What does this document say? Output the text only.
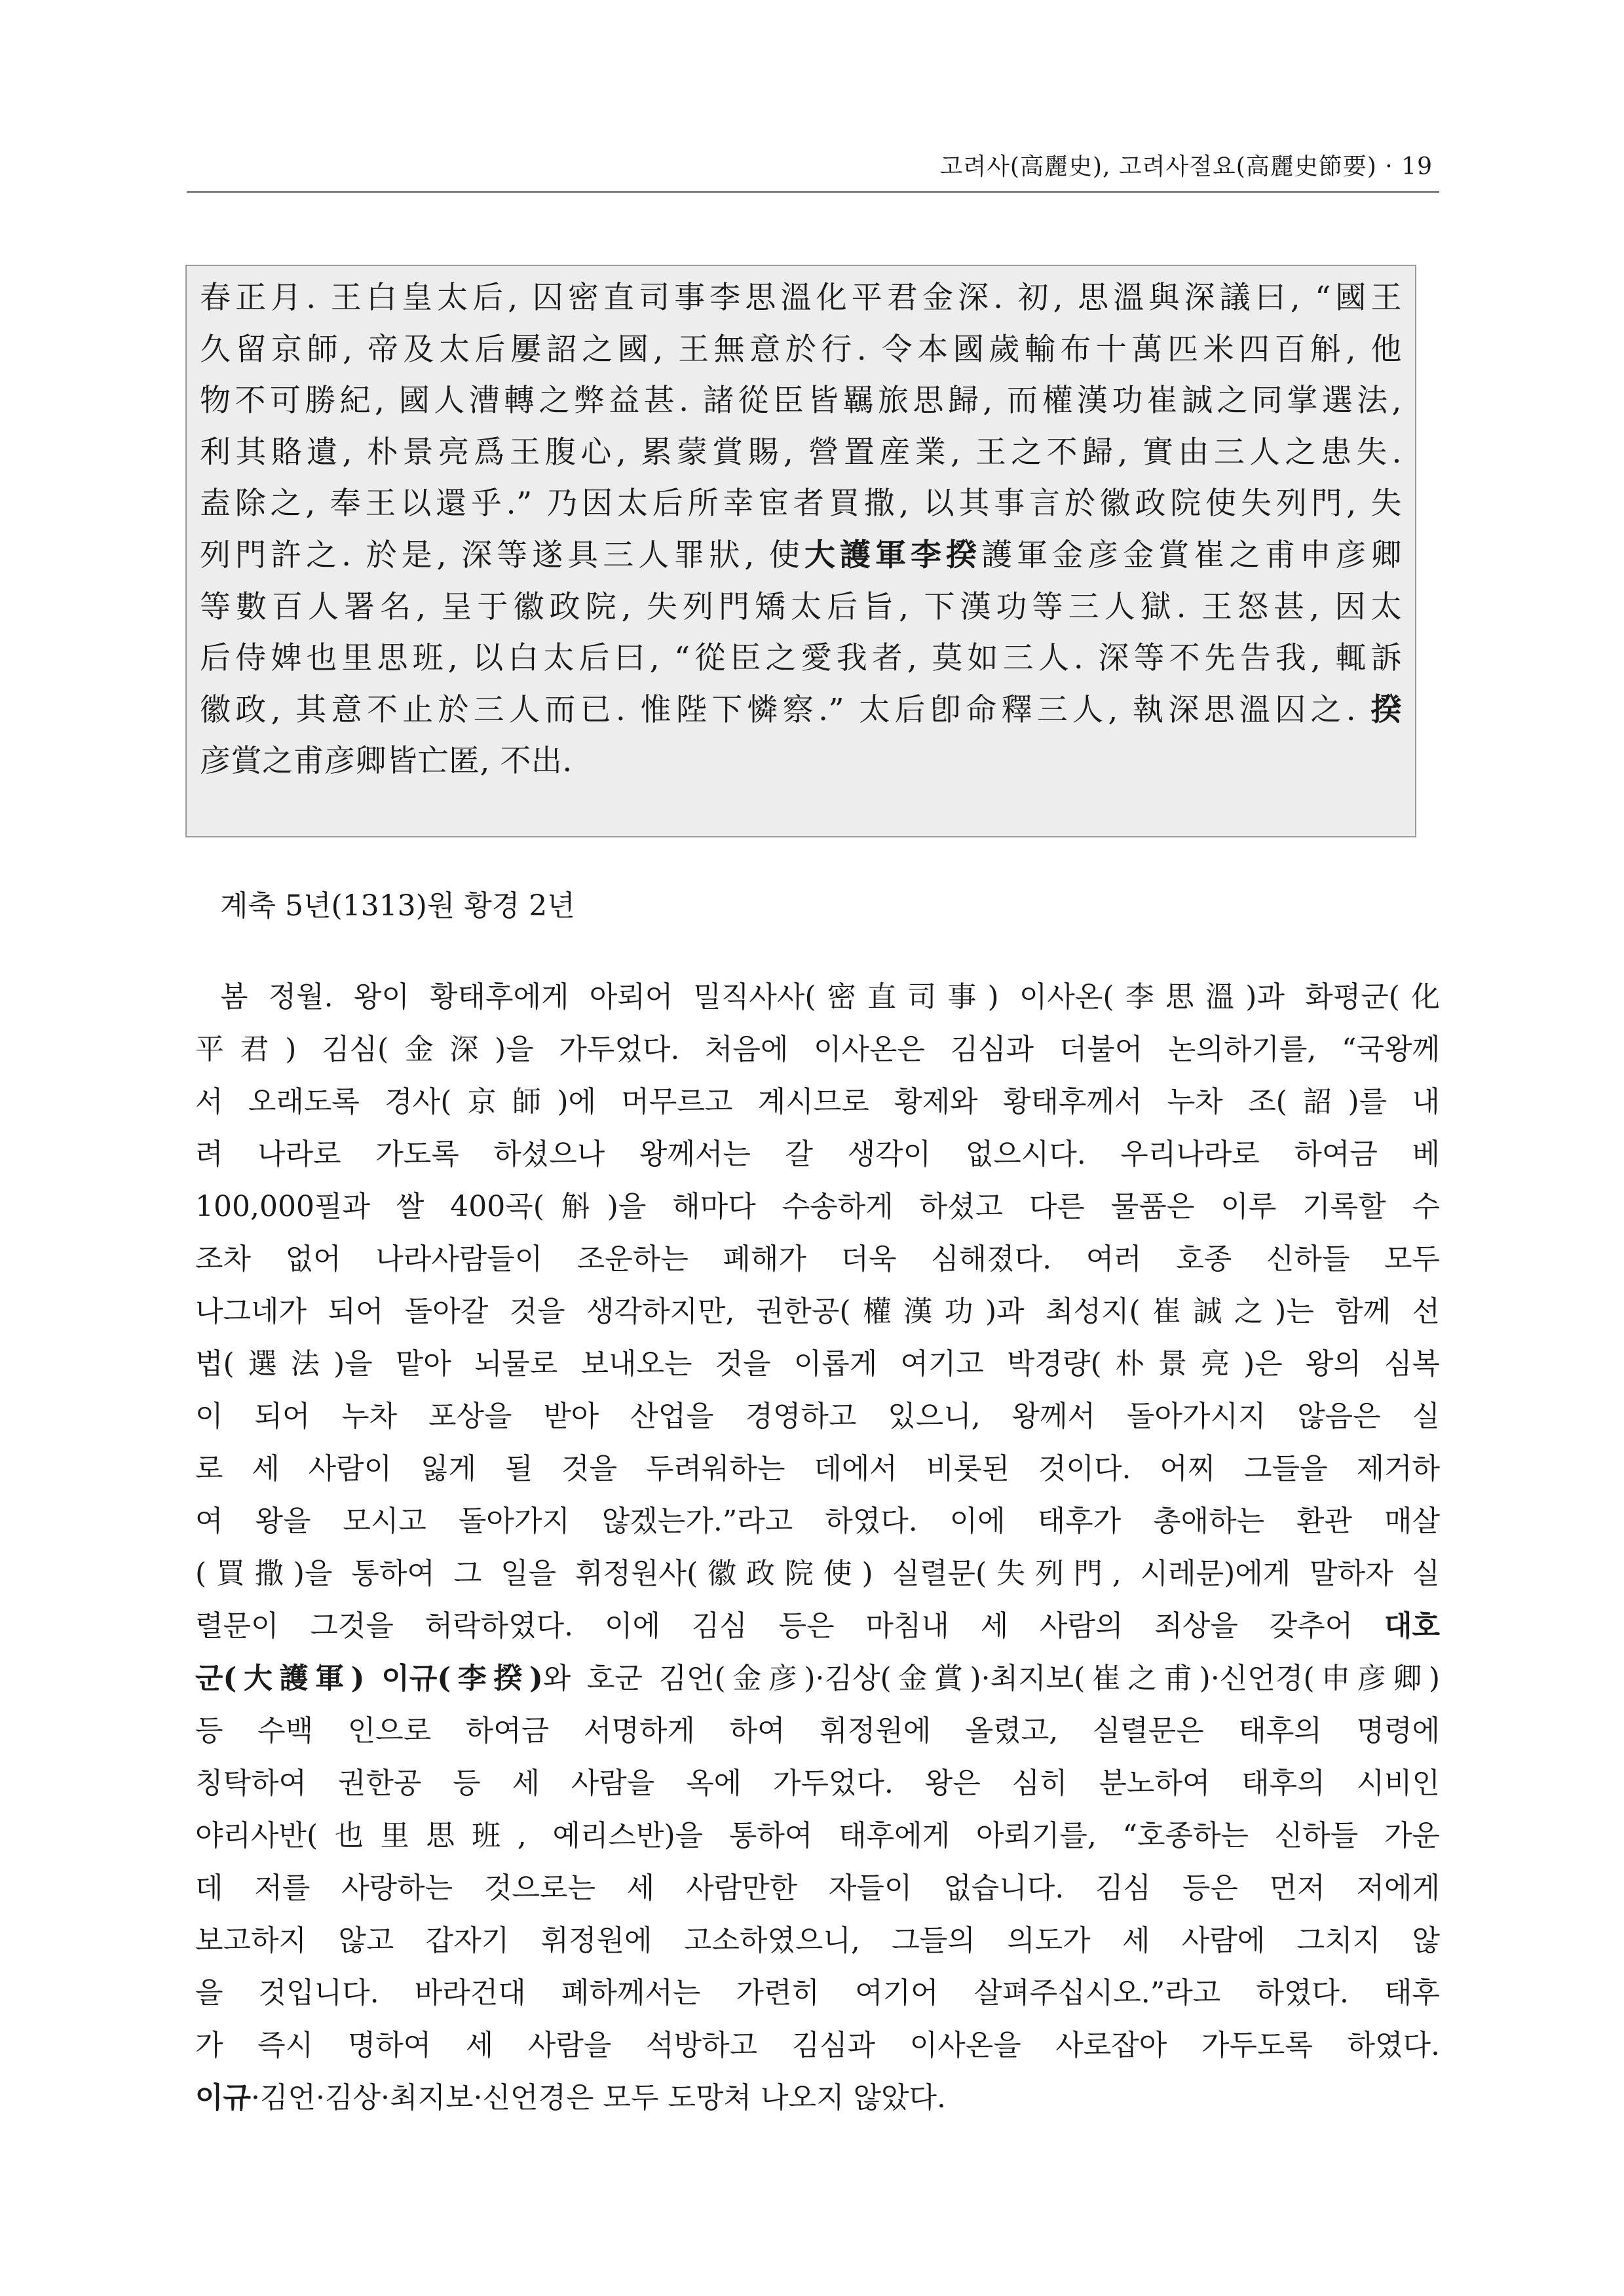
고려사(高麗史), 고려사절요(高麗史節要) · 19
春正月. 王白皇太后, 囚密直司事李思溫化平君金深. 初, 思溫與深議曰, “國王
久留京師, 帝及太后屢詔之國, 王無意於行. 令本國歲輸布十萬匹米四百斛, 他
物不可勝紀, 國人漕轉之弊益甚. 諸從臣皆羈旅思歸, 而權漢功崔誠之同掌選法,
利其賂遺, 朴景亮爲王腹心, 累蒙賞賜, 營置産業, 王之不歸, 實由三人之患失.
盍除之, 奉王以還乎.” 乃因太后所幸宦者買撒, 以其事言於徽政院使失列門, 失
列門許之. 於是, 深等遂具三人罪狀, 使大護軍李揆護軍金彦金賞崔之甫申彦卿
等數百人署名, 呈于徽政院, 失列門矯太后旨, 下漢功等三人獄. 王怒甚, 因太
后侍婢也里思班, 以白太后曰, “從臣之愛我者, 莫如三人. 深等不先告我, 輒訴
徽政, 其意不止於三人而已. 惟陛下憐察.” 太后卽命釋三人, 執深思溫囚之. 揆
彦賞之甫彦卿皆亡匿, 不出.
계축 5년(1313)원 황경 2년
봄 정월. 왕이 황태후에게 아뢰어 밀직사사(密直司事) 이사온(李思溫)과 화평군(化
平君) 김심(金深)을 가두었다. 처음에 이사온은 김심과 더불어 논의하기를, “국왕께
서 오래도록 경사(京師)에 머무르고 계시므로 황제와 황태후께서 누차 조(詔)를 내
려 나라로 가도록 하셨으나 왕께서는 갈 생각이 없으시다. 우리나라로 하여금 베
100,000필과 쌀 400곡(斛)을 해마다 수송하게 하셨고 다른 물품은 이루 기록할 수
조차 없어 나라사람들이 조운하는 폐해가 더욱 심해졌다. 여러 호종 신하들 모두
나그네가 되어 돌아갈 것을 생각하지만, 권한공(權漢功)과 최성지(崔誠之)는 함께 선
법(選法)을 맡아 뇌물로 보내오는 것을 이롭게 여기고 박경량(朴景亮)은 왕의 심복
이 되어 누차 포상을 받아 산업을 경영하고 있으니, 왕께서 돌아가시지 않음은 실
로 세 사람이 잃게 될 것을 두려워하는 데에서 비롯된 것이다. 어찌 그들을 제거하
여 왕을 모시고 돌아가지 않겠는가.”라고 하였다. 이에 태후가 총애하는 환관 매살
(買撒)을 통하여 그 일을 휘정원사(徽政院使) 실렬문(失列門, 시레문)에게 말하자 실
렬문이 그것을 허락하였다. 이에 김심 등은 마침내 세 사람의 죄상을 갖추어 대호
군(大護軍) 이규(李揆)와 호군 김언(金彦)·김상(金賞)·최지보(崔之甫)·신언경(申彦卿)
등 수백 인으로 하여금 서명하게 하여 휘정원에 올렸고, 실렬문은 태후의 명령에
칭탁하여 권한공 등 세 사람을 옥에 가두었다. 왕은 심히 분노하여 태후의 시비인
야리사반(也里思班, 예리스반)을 통하여 태후에게 아뢰기를, “호종하는 신하들 가운
데 저를 사랑하는 것으로는 세 사람만한 자들이 없습니다. 김심 등은 먼저 저에게
보고하지 않고 갑자기 휘정원에 고소하였으니, 그들의 의도가 세 사람에 그치지 않
을 것입니다. 바라건대 폐하께서는 가련히 여기어 살펴주십시오.”라고 하였다. 태후
가 즉시 명하여 세 사람을 석방하고 김심과 이사온을 사로잡아 가두도록 하였다.
이규·김언·김상·최지보·신언경은 모두 도망쳐 나오지 않았다.
